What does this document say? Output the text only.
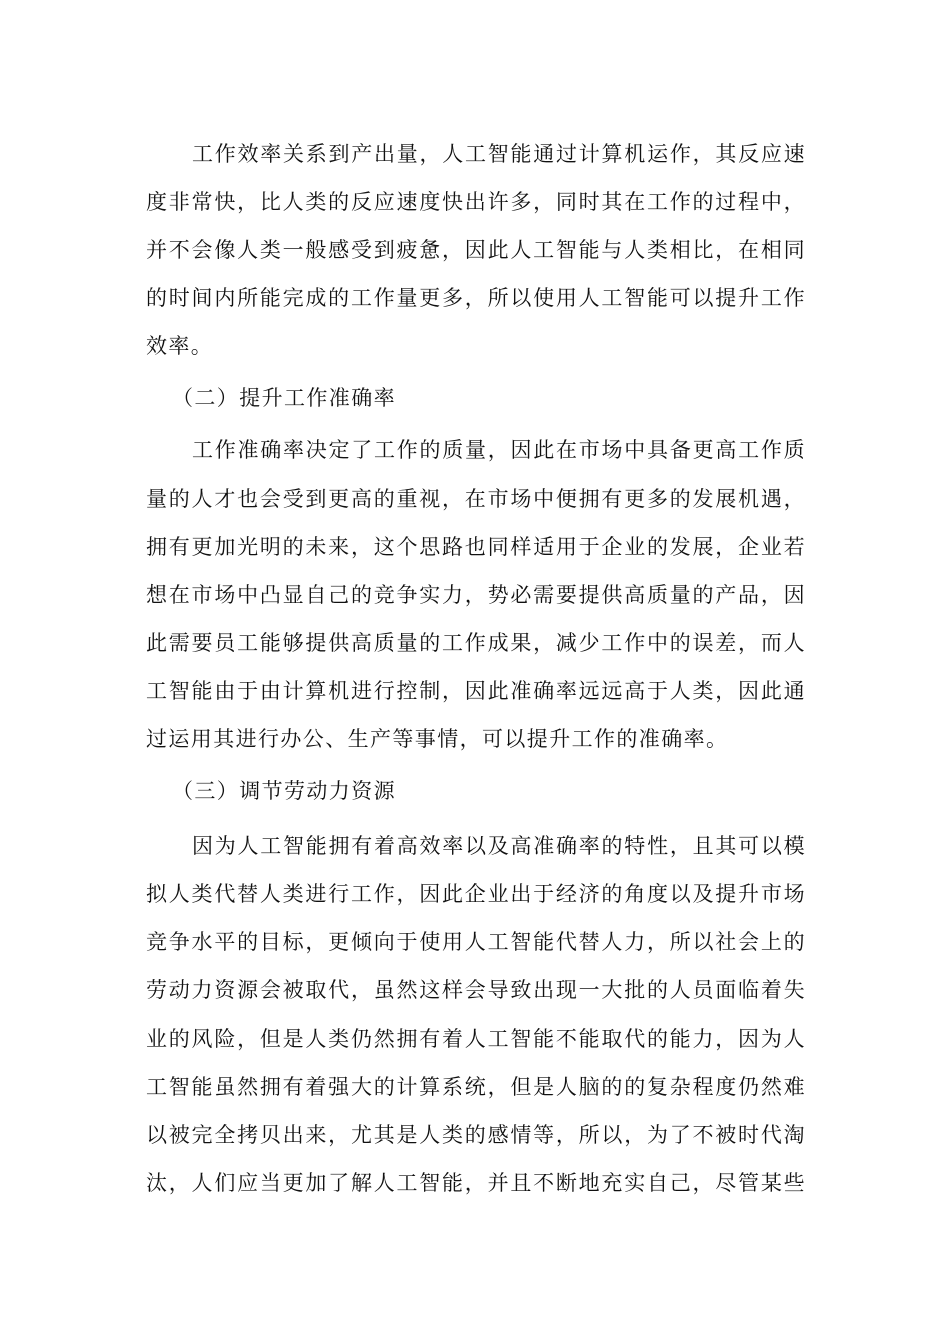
工作效率关系到产出量，人工智能通过计算机运作，其反应速
度非常快，比人类的反应速度快出许多，同时其在工作的过程中，
并不会像人类一般感受到疲惫，因此人工智能与人类相比，在相同
的时间内所能完成的工作量更多，所以使用人工智能可以提升工作
效率。
（二）提升工作准确率
工作准确率决定了工作的质量，因此在市场中具备更高工作质
量的人才也会受到更高的重视，在市场中便拥有更多的发展机遇，
拥有更加光明的未来，这个思路也同样适用于企业的发展，企业若
想在市场中凸显自己的竞争实力，势必需要提供高质量的产品，因
此需要员工能够提供高质量的工作成果，减少工作中的误差，而人
工智能由于由计算机进行控制，因此准确率远远高于人类，因此通
过运用其进行办公、生产等事情，可以提升工作的准确率。
（三）调节劳动力资源
因为人工智能拥有着高效率以及高准确率的特性，且其可以模
拟人类代替人类进行工作，因此企业出于经济的角度以及提升市场
竞争水平的目标，更倾向于使用人工智能代替人力，所以社会上的
劳动力资源会被取代，虽然这样会导致出现一大批的人员面临着失
业的风险，但是人类仍然拥有着人工智能不能取代的能力，因为人
工智能虽然拥有着强大的计算系统，但是人脑的的复杂程度仍然难
以被完全拷贝出来，尤其是人类的感情等，所以，为了不被时代淘
汰，人们应当更加了解人工智能，并且不断地充实自己，尽管某些
